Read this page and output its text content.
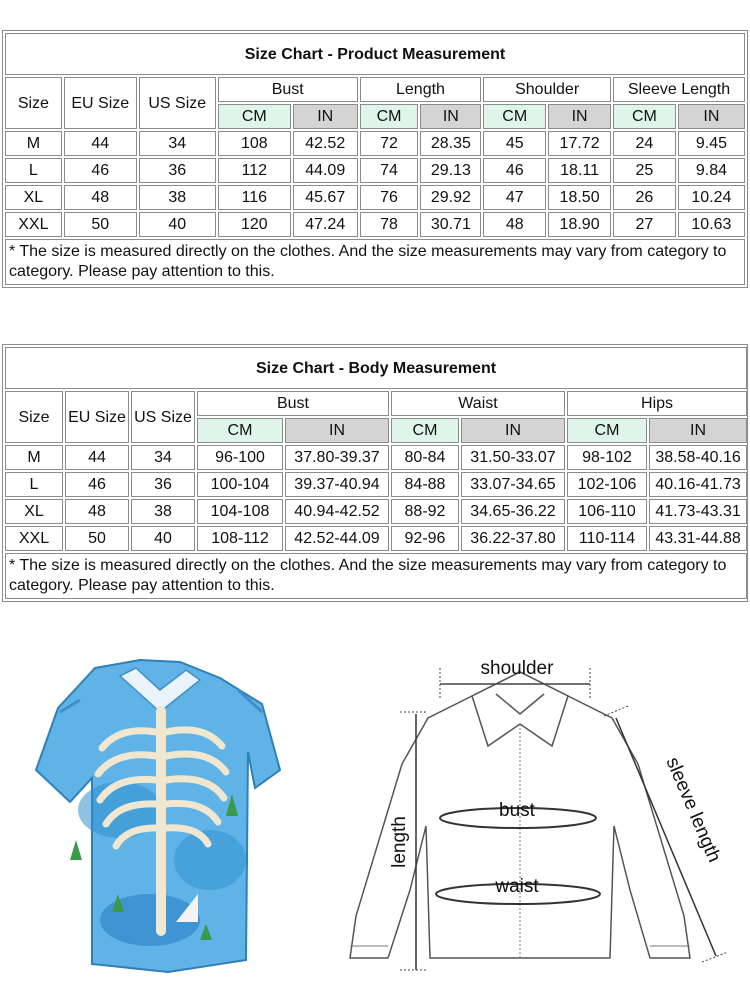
Size Chart - Product Measurement										
Size	EU Size	US Size	Bust		Length		Shoulder		Sleeve Length	
			CM	IN	CM	IN	CM	IN	CM	IN
M	44	34	108	42.52	72	28.35	45	17.72	24	9.45
L	46	36	112	44.09	74	29.13	46	18.11	25	9.84
XL	48	38	116	45.67	76	29.92	47	18.50	26	10.24
XXL	50	40	120	47.24	78	30.71	48	18.90	27	10.63
* The size is measured directly on the clothes. And the size measurements may vary from category to category. Please pay attention to this.										
Size Chart - Body Measurement								
Size	EU Size	US Size	Bust		Waist		Hips	
			CM	IN	CM	IN	CM	IN
M	44	34	96-100	37.80-39.37	80-84	31.50-33.07	98-102	38.58-40.16
L	46	36	100-104	39.37-40.94	84-88	33.07-34.65	102-106	40.16-41.73
XL	48	38	104-108	40.94-42.52	88-92	34.65-36.22	106-110	41.73-43.31
XXL	50	40	108-112	42.52-44.09	92-96	36.22-37.80	110-114	43.31-44.88
* The size is measured directly on the clothes. And the size measurements may vary from category to category. Please pay attention to this.								
shoulder
bust
waist
length	sleeve length
